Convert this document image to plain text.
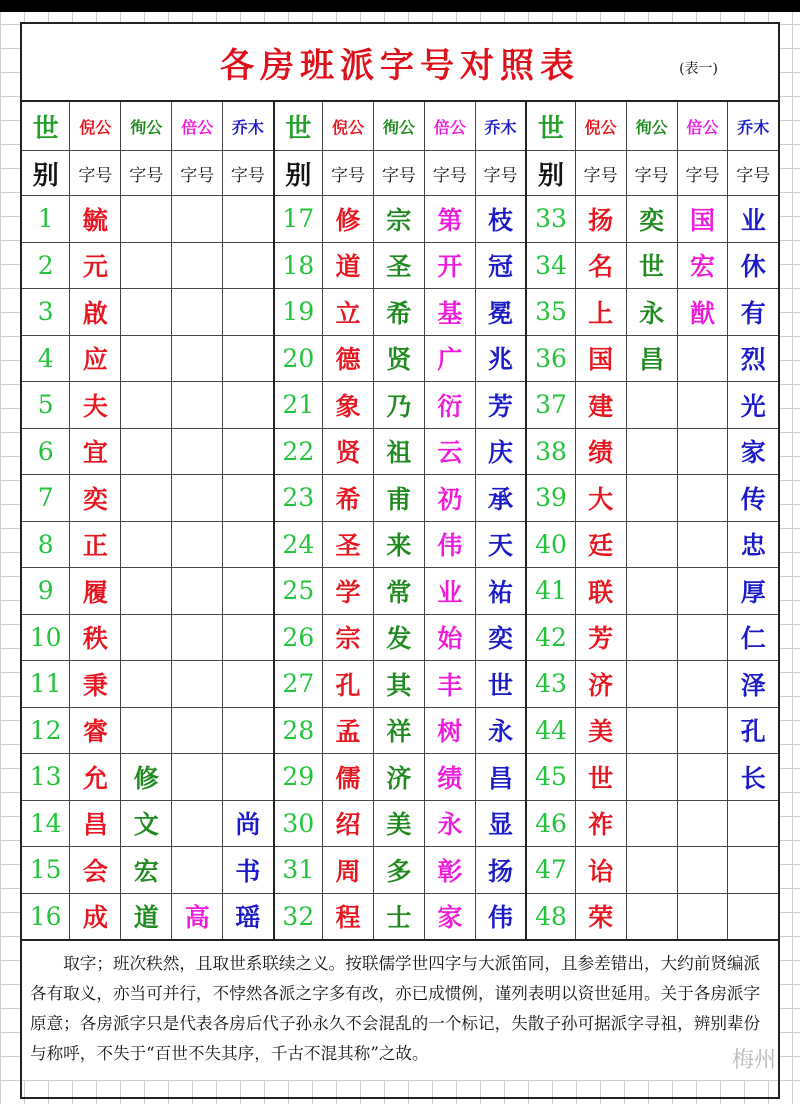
各房班派字号对照表	(表一)
世	倪公	徇公	倍公	乔木	世	倪公	徇公	倍公	乔木	世	倪公	徇公	倍公	乔木
别	字号	字号	字号	字号	别	字号	字号	字号	字号	别	字号	字号	字号	字号
1	毓				17	修	宗	第	枝	33	扬	奕	国	业
2	元				18	道	圣	开	冠	34	名	世	宏	休
3	啟				19	立	希	基	冕	35	上	永	猷	有
4	应				20	德	贤	广	兆	36	国	昌		烈
5	夫				21	象	乃	衍	芳	37	建			光
6	宜				22	贤	祖	云	庆	38	绩			家
7	奕				23	希	甫	礽	承	39	大			传
8	正				24	圣	来	伟	天	40	廷			忠
9	履				25	学	常	业	祐	41	联			厚
10	秩				26	宗	发	始	奕	42	芳			仁
11	秉				27	孔	其	丰	世	43	济			泽
12	睿				28	孟	祥	树	永	44	美			孔
13	允	修			29	儒	济	绩	昌	45	世			长
14	昌	文		尚	30	绍	美	永	显	46	祚			
15	会	宏		书	31	周	多	彰	扬	47	诒			
16	成	道	高	瑶	32	程	士	家	伟	48	荣			

取字；班次秩然，且取世系联续之义。按联儒学世四字与大派笛同，且参差错出，大约前贤编派各有取义，亦当可并行，不悖然各派之字多有改，亦已成惯例，谨列表明以资世延用。关于各房派字原意；各房派字只是代表各房后代子孙永久不会混乱的一个标记，失散子孙可据派字寻祖，辨别辈份与称呼，不失于“百世不失其序，千古不混其称”之故。	梅州
